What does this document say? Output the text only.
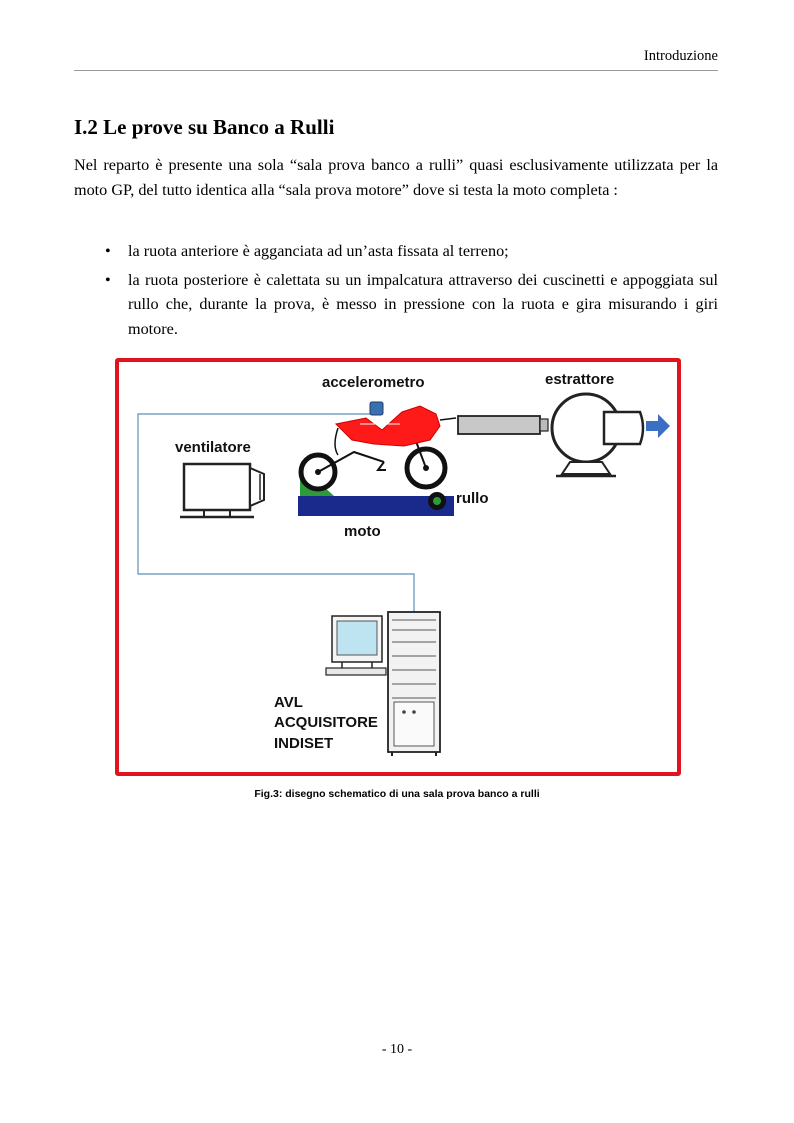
Introduzione
I.2 Le prove su Banco a Rulli

Nel reparto è presente una sola “sala prova banco a rulli” quasi esclusivamente utilizzata per la moto GP, del tutto identica alla “sala prova motore” dove si testa la moto completa :

• la ruota anteriore è agganciata ad un’asta fissata al terreno;
• la ruota posteriore è calettata su un impalcatura attraverso dei cuscinetti e appoggiata sul rullo che, durante la prova, è messo in pressione con la ruota e gira misurando i giri motore.
ventilatore
rullo
accelerometro
moto
estrattore
AVL
ACQUISITORE
INDISET
Fig.3: disegno schematico di una sala prova banco a rulli
- 10 -
